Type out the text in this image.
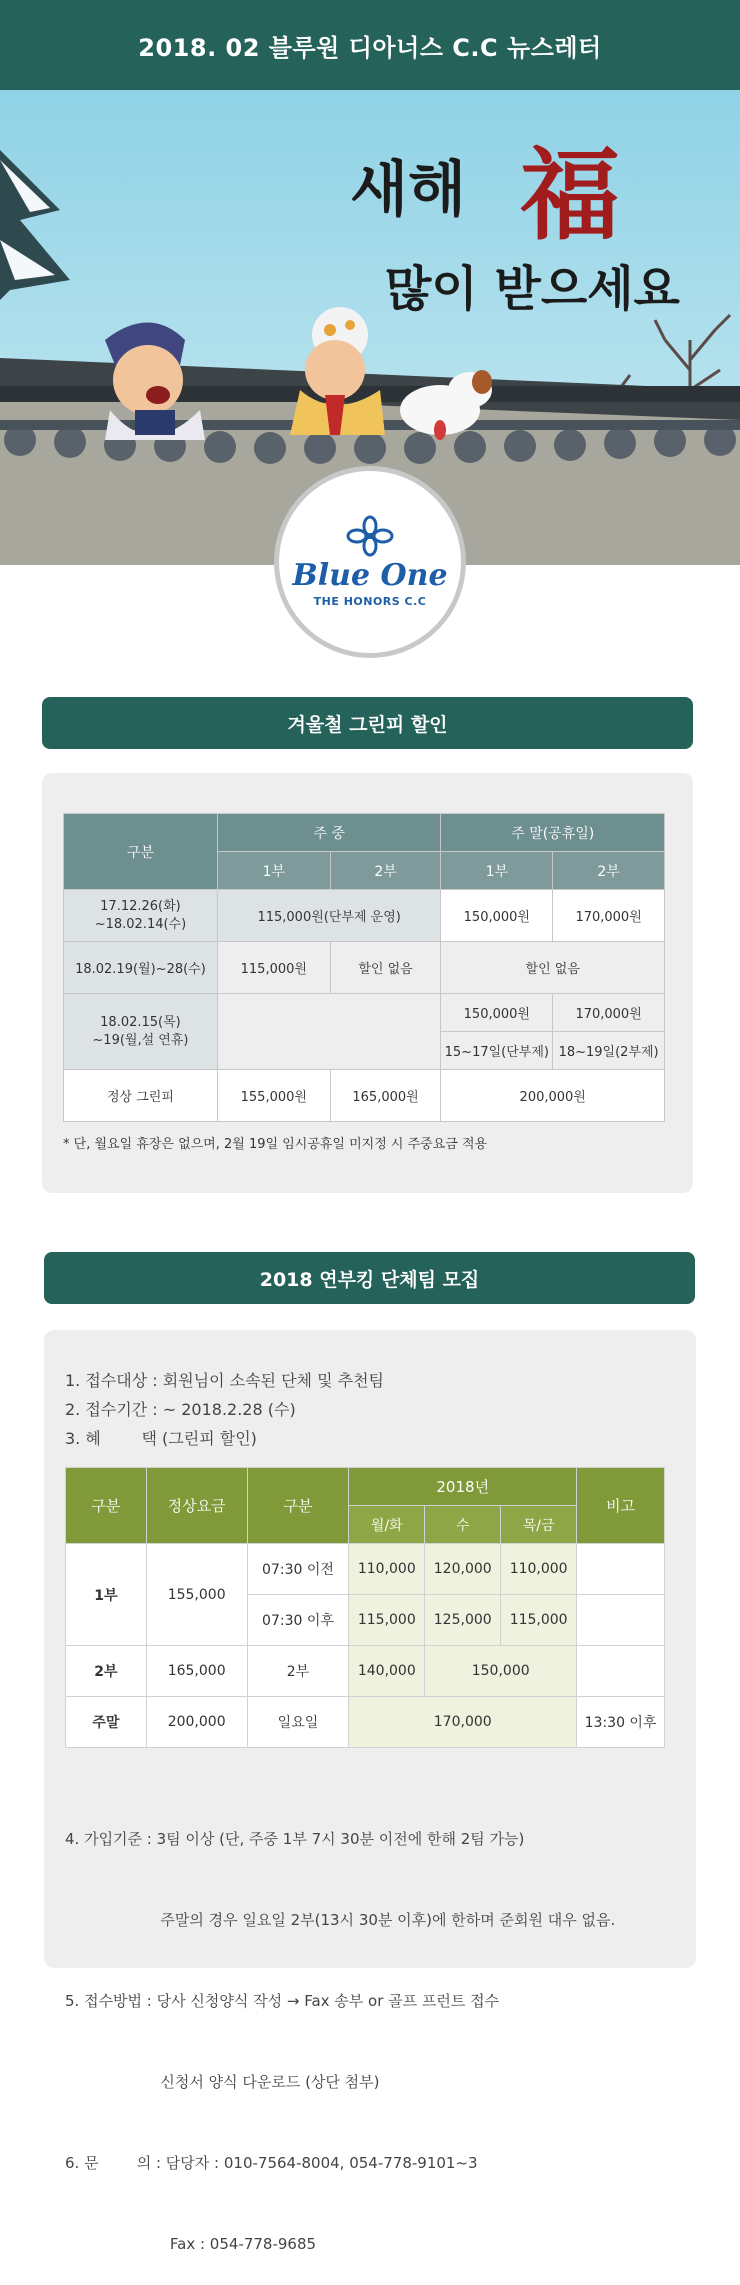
2018. 02 블루원 디아너스 C.C 뉴스레터
새해 福
많이 받으세요
Blue One
THE HONORS C.C
겨울철 그린피 할인
구분	주 중		주 말(공휴일)	
	1부	2부	1부	2부
17.12.26(화)
~18.02.14(수)	115,000원(단부제 운영)		150,000원	170,000원
18.02.19(월)~28(수)	115,000원	할인 없음	할인 없음	
18.02.15(목)
~19(월,설 연휴)			150,000원	170,000원
			15~17일(단부제)	18~19일(2부제)
정상 그린피	155,000원	165,000원	200,000원	
* 단, 월요일 휴장은 없으며, 2월 19일 임시공휴일 미지정 시 주중요금 적용
2018 연부킹 단체팀 모집
1. 접수대상 : 회원님이 소속된 단체 및 추천팀
2. 접수기간 : ~ 2018.2.28 (수)
3. 혜        택 (그린피 할인)
구분	정상요금	구분	2018년			비고
			월/화	수	목/금	
1부	155,000	07:30 이전	110,000	120,000	110,000	
		07:30 이후	115,000	125,000	115,000	
2부	165,000	2부	140,000	150,000		
주말	200,000	일요일	170,000			13:30 이후

4. 가입기준 : 3팀 이상 (단, 주중 1부 7시 30분 이전에 한해 2팀 가능)

주말의 경우 일요일 2부(13시 30분 이후)에 한하며 준회원 대우 없음.

5. 접수방법 : 당사 신청양식 작성 → Fax 송부 or 골프 프런트 접수

신청서 양식 다운로드 (상단 첨부)

6. 문        의 : 담당자 : 010-7564-8004, 054-778-9101~3

Fax : 054-778-9685
